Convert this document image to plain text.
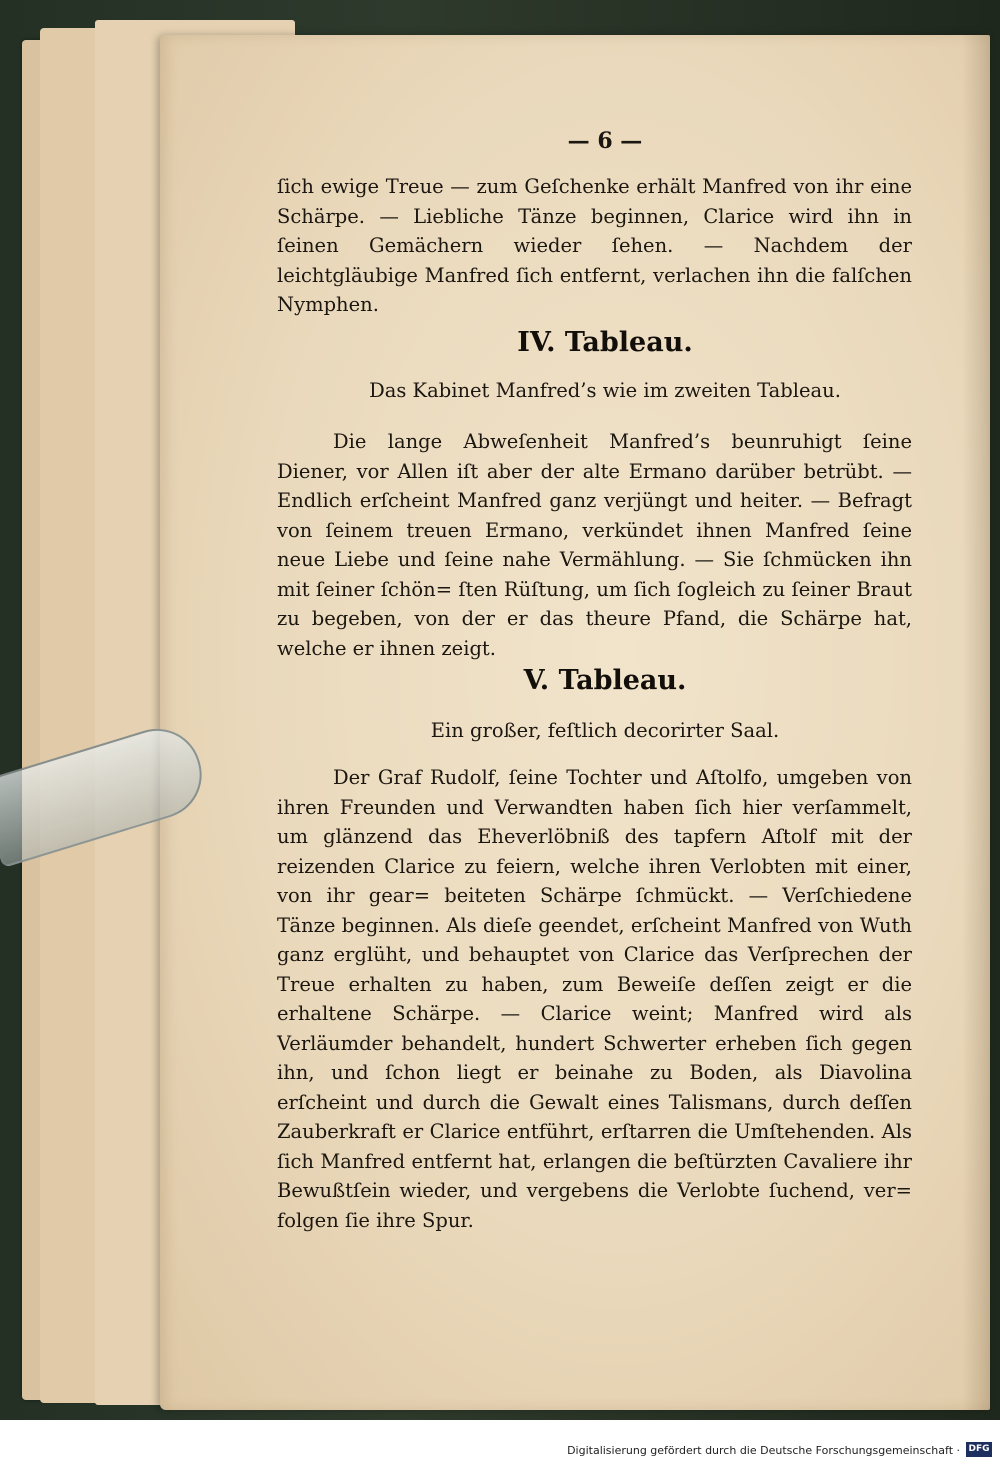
— 6 —

ſich ewige Treue — zum Geſchenke erhält Manfred von ihr eine Schärpe. — Liebliche Tänze beginnen, Clarice wird ihn in ſeinen Gemächern wieder ſehen. — Nachdem der leichtgläubige Manfred ſich entfernt, verlachen ihn die falſchen Nymphen.

IV. Tableau.
Das Kabinet Manfred’s wie im zweiten Tableau.

Die lange Abweſenheit Manfred’s beunruhigt ſeine Diener, vor Allen iſt aber der alte Ermano darüber betrübt. — Endlich erſcheint Manfred ganz verjüngt und heiter. — Befragt von ſeinem treuen Ermano, verkündet ihnen Manfred ſeine neue Liebe und ſeine nahe Vermählung. — Sie ſchmücken ihn mit ſeiner ſchön= ſten Rüſtung, um ſich ſogleich zu ſeiner Braut zu begeben, von der er das theure Pfand, die Schärpe hat, welche er ihnen zeigt.

V. Tableau.
Ein großer, feſtlich decorirter Saal.

Der Graf Rudolf, ſeine Tochter und Aſtolfo, umgeben von ihren Freunden und Verwandten haben ſich hier verſammelt, um glänzend das Eheverlöbniß des tapfern Aſtolf mit der reizenden Clarice zu feiern, welche ihren Verlobten mit einer, von ihr gear= beiteten Schärpe ſchmückt. — Verſchiedene Tänze beginnen. Als dieſe geendet, erſcheint Manfred von Wuth ganz erglüht, und behauptet von Clarice das Verſprechen der Treue erhalten zu haben, zum Beweiſe deſſen zeigt er die erhaltene Schärpe. — Clarice weint; Manfred wird als Verläumder behandelt, hundert Schwerter erheben ſich gegen ihn, und ſchon liegt er beinahe zu Boden, als Diavolina erſcheint und durch die Gewalt eines Talismans, durch deſſen Zauberkraft er Clarice entführt, erſtarren die Umſtehenden. Als ſich Manfred entfernt hat, erlangen die beſtürzten Cavaliere ihr Bewußtſein wieder, und vergebens die Verlobte ſuchend, ver= folgen ſie ihre Spur.

Digitalisierung gefördert durch die Deutsche Forschungsgemeinschaft · DFG
